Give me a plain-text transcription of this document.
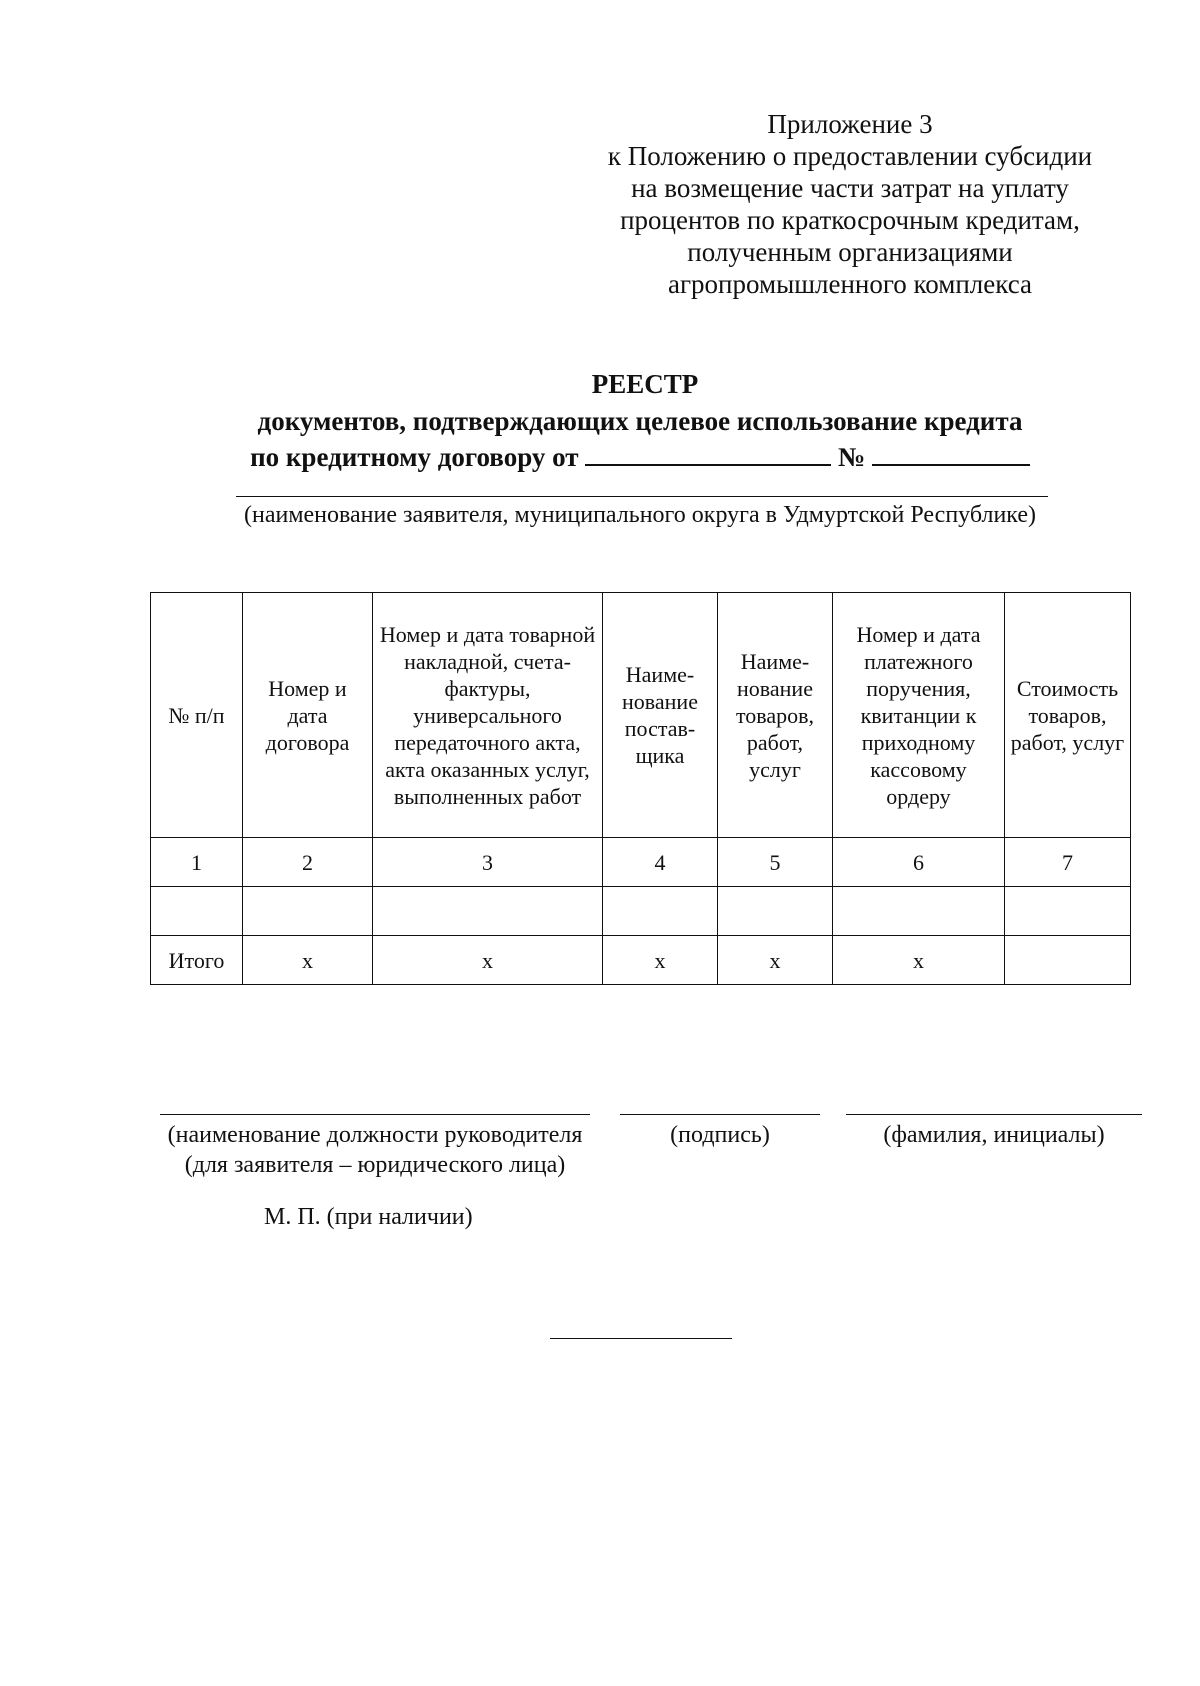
Приложение 3
к Положению о предоставлении субсидии
на возмещение части затрат на уплату
процентов по краткосрочным кредитам,
полученным организациями
агропромышленного комплекса
РЕЕСТР
документов, подтверждающих целевое использование кредита
по кредитному договору от	№
(наименование заявителя, муниципального округа в Удмуртской Республике)
№ п/п	Номер и дата договора	Номер и дата товарной накладной, счета-фактуры, универсального передаточного акта, акта оказанных услуг, выполненных работ	Наиме-нование постав-щика	Наиме-нование товаров, работ, услуг	Номер и дата платежного поручения, квитанции к приходному кассовому ордеру	Стоимость товаров, работ, услуг
1	2	3	4	5	6	7

Итого	х	х	х	х	х	
(наименование должности руководителя
(для заявителя – юридического лица)
(подпись)	(фамилия, инициалы)
М. П. (при наличии)
